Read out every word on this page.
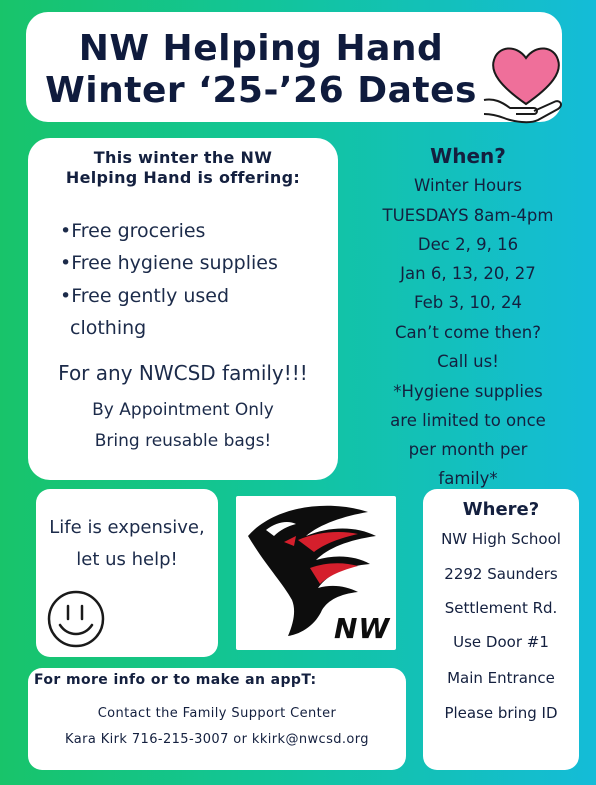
NW Helping Hand
Winter ‘25-’26 Dates
This winter the NW
Helping Hand is offering:
•Free groceries
•Free hygiene supplies
•Free gently used
clothing
For any NWCSD family!!!
By Appointment Only
Bring reusable bags!
When?
Winter Hours
TUESDAYS 8am-4pm
Dec 2, 9, 16
Jan 6, 13, 20, 27
Feb 3, 10, 24
Can’t come then?
Call us!
*Hygiene supplies
are limited to once
per month per
family*
Life is expensive,
let us help!
NW
Where?
NW High School
2292 Saunders
Settlement Rd.
Use Door #1
Main Entrance
Please bring ID
For more info or to make an appT:
Contact the Family Support Center
Kara Kirk 716-215-3007 or kkirk@nwcsd.org
